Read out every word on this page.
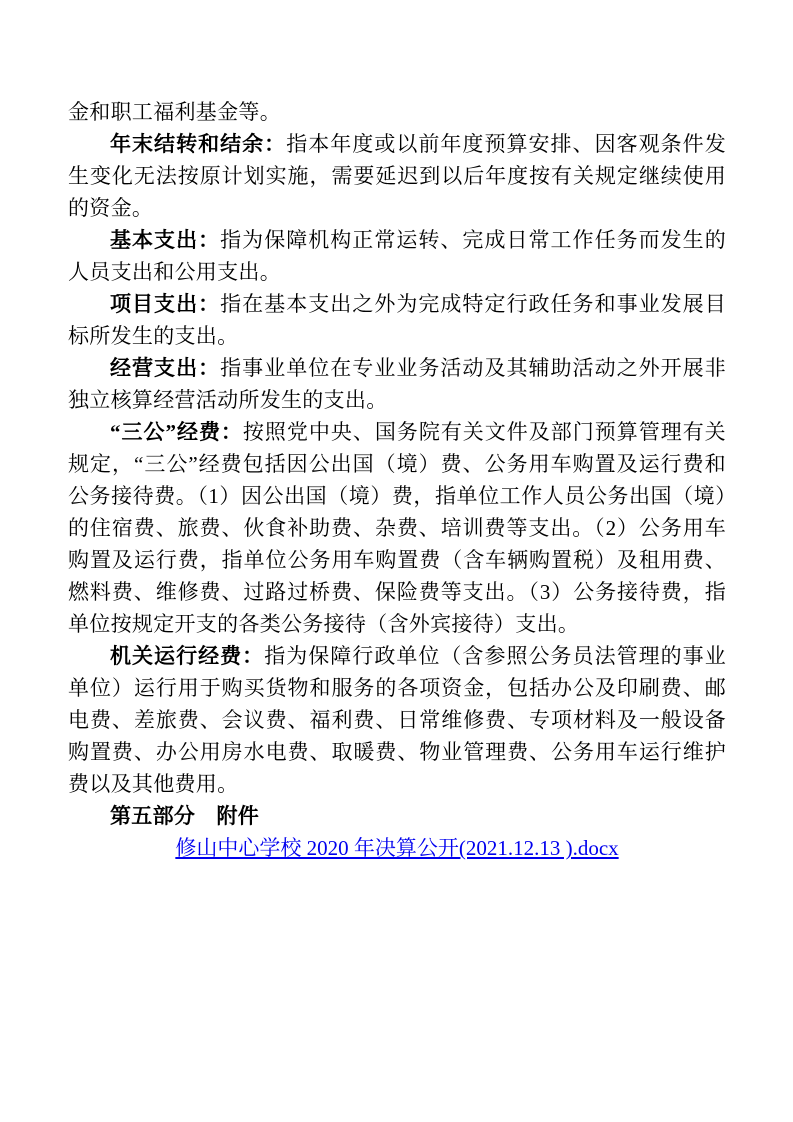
金和职工福利基金等。

年末结转和结余：指本年度或以前年度预算安排、因客观条件发生变化无法按原计划实施，需要延迟到以后年度按有关规定继续使用的资金。

基本支出：指为保障机构正常运转、完成日常工作任务而发生的人员支出和公用支出。

项目支出：指在基本支出之外为完成特定行政任务和事业发展目标所发生的支出。

经营支出：指事业单位在专业业务活动及其辅助活动之外开展非独立核算经营活动所发生的支出。

“三公”经费：按照党中央、国务院有关文件及部门预算管理有关规定，“三公”经费包括因公出国（境）费、公务用车购置及运行费和公务接待费。（1）因公出国（境）费，指单位工作人员公务出国（境）的住宿费、旅费、伙食补助费、杂费、培训费等支出。（2）公务用车购置及运行费，指单位公务用车购置费（含车辆购置税）及租用费、燃料费、维修费、过路过桥费、保险费等支出。（3）公务接待费，指单位按规定开支的各类公务接待（含外宾接待）支出。

机关运行经费：指为保障行政单位（含参照公务员法管理的事业单位）运行用于购买货物和服务的各项资金，包括办公及印刷费、邮电费、差旅费、会议费、福利费、日常维修费、专项材料及一般设备购置费、办公用房水电费、取暖费、物业管理费、公务用车运行维护费以及其他费用。

第五部分　附件

修山中心学校 2020 年决算公开(2021.12.13 ).docx
